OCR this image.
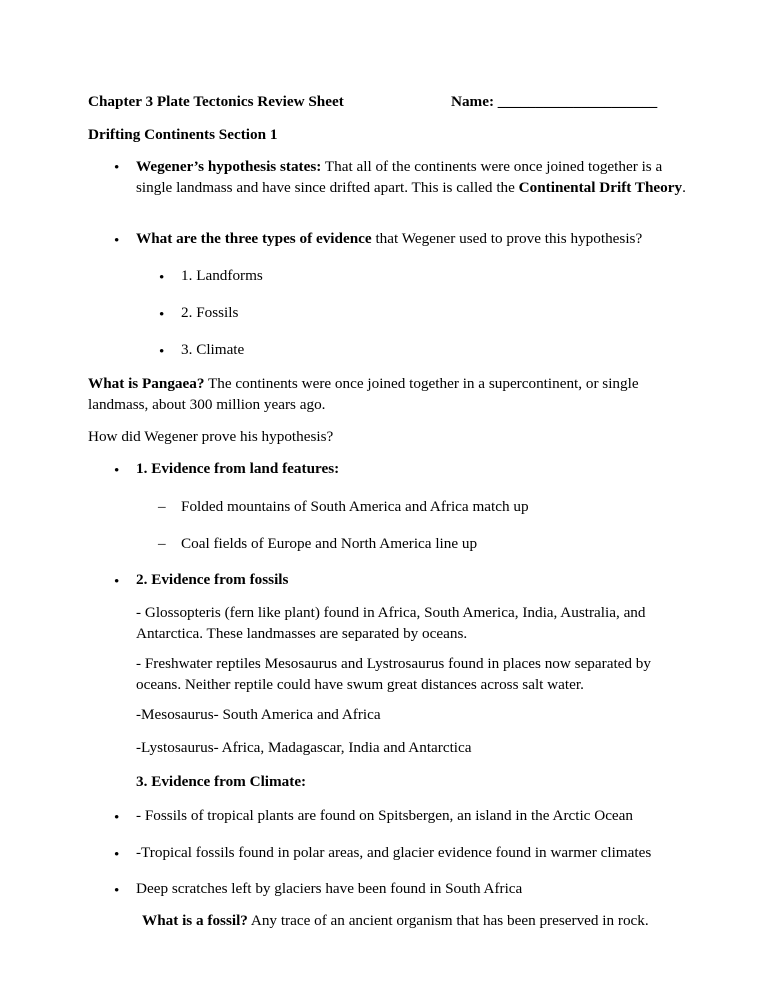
Chapter 3 Plate Tectonics Review Sheet	Name: _____________________
Drifting Continents Section 1
• Wegener’s hypothesis states: That all of the continents were once joined together is a single landmass and have since drifted apart. This is called the Continental Drift Theory.
• What are the three types of evidence that Wegener used to prove this hypothesis?
• 1. Landforms
• 2. Fossils
• 3. Climate
What is Pangaea? The continents were once joined together in a supercontinent, or single landmass, about 300 million years ago.
How did Wegener prove his hypothesis?
• 1. Evidence from land features:
– Folded mountains of South America and Africa match up
– Coal fields of Europe and North America line up
• 2. Evidence from fossils
- Glossopteris (fern like plant) found in Africa, South America, India, Australia, and Antarctica. These landmasses are separated by oceans.
- Freshwater reptiles Mesosaurus and Lystrosaurus found in places now separated by oceans. Neither reptile could have swum great distances across salt water.
-Mesosaurus- South America and Africa
-Lystosaurus- Africa, Madagascar, India and Antarctica
3. Evidence from Climate:
• - Fossils of tropical plants are found on Spitsbergen, an island in the Arctic Ocean
• -Tropical fossils found in polar areas, and glacier evidence found in warmer climates
• Deep scratches left by glaciers have been found in South Africa
What is a fossil? Any trace of an ancient organism that has been preserved in rock.
